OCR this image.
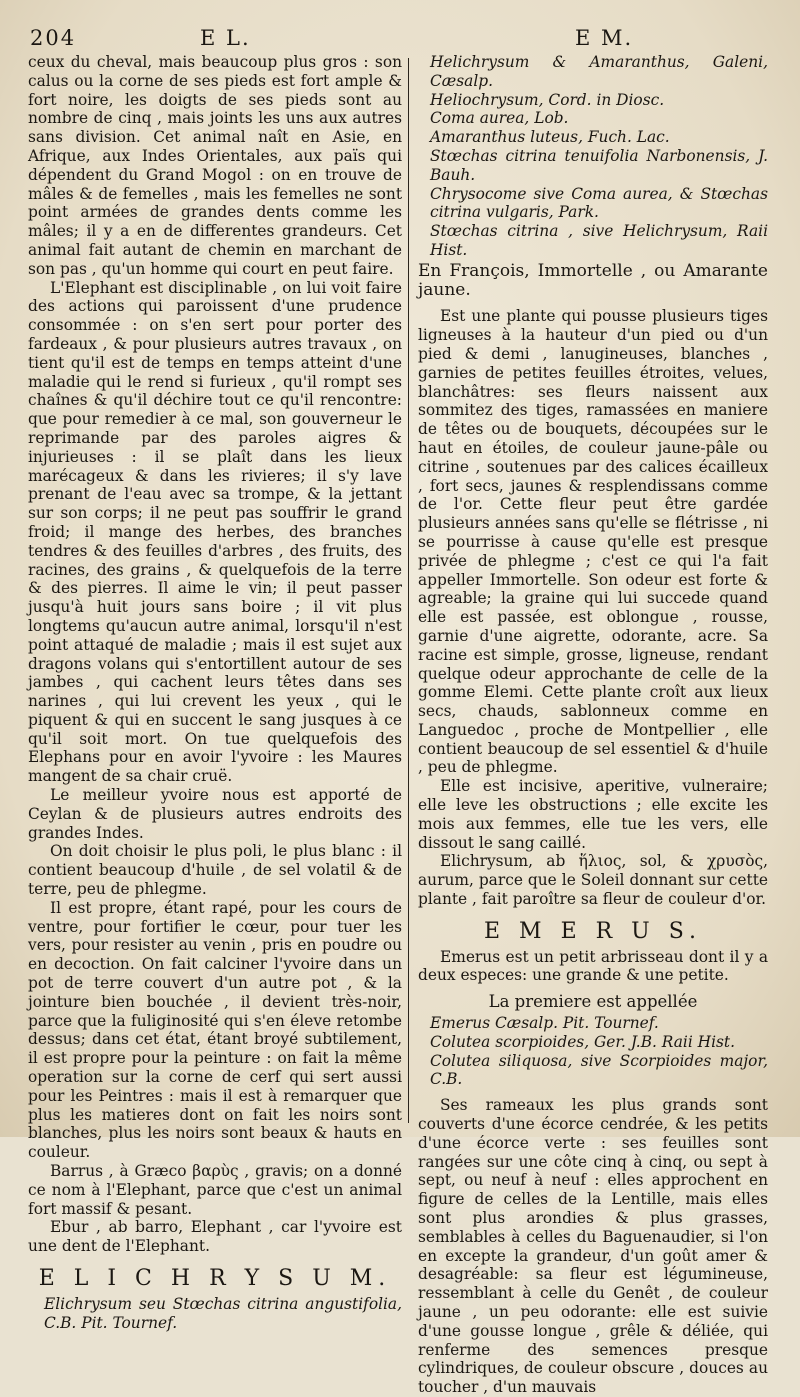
204	E L.	E M.

ceux du cheval, mais beaucoup plus gros : son calus ou la corne de ses pieds est fort ample & fort noire, les doigts de ses pieds sont au nombre de cinq , mais joints les uns aux autres sans division. Cet animal naît en Asie, en Afrique, aux Indes Orientales, aux païs qui dépendent du Grand Mogol : on en trouve de mâles & de femelles , mais les femelles ne sont point armées de grandes dents comme les mâles; il y a en de differentes grandeurs. Cet animal fait autant de chemin en marchant de son pas , qu'un homme qui court en peut faire.

L'Elephant est disciplinable , on lui voit faire des actions qui paroissent d'une prudence consommée : on s'en sert pour porter des fardeaux , & pour plusieurs autres travaux , on tient qu'il est de temps en temps atteint d'une maladie qui le rend si furieux , qu'il rompt ses chaînes & qu'il déchire tout ce qu'il rencontre: que pour remedier à ce mal, son gouverneur le reprimande par des paroles aigres & injurieuses : il se plaît dans les lieux marécageux & dans les rivieres; il s'y lave prenant de l'eau avec sa trompe, & la jettant sur son corps; il ne peut pas souffrir le grand froid; il mange des herbes, des branches tendres & des feuilles d'arbres , des fruits, des racines, des grains , & quelquefois de la terre & des pierres. Il aime le vin; il peut passer jusqu'à huit jours sans boire ; il vit plus longtems qu'aucun autre animal, lorsqu'il n'est point attaqué de maladie ; mais il est sujet aux dragons volans qui s'entortillent autour de ses jambes , qui cachent leurs têtes dans ses narines , qui lui crevent les yeux , qui le piquent & qui en succent le sang jusques à ce qu'il soit mort. On tue quelquefois des Elephans pour en avoir l'yvoire : les Maures mangent de sa chair cruë.

Le meilleur yvoire nous est apporté de Ceylan & de plusieurs autres endroits des grandes Indes.

On doit choisir le plus poli, le plus blanc : il contient beaucoup d'huile , de sel volatil & de terre, peu de phlegme.

Il est propre, étant rapé, pour les cours de ventre, pour fortifier le cœur, pour tuer les vers, pour resister au venin , pris en poudre ou en decoction. On fait calciner l'yvoire dans un pot de terre couvert d'un autre pot , & la jointure bien bouchée , il devient très-noir, parce que la fuliginosité qui s'en éleve retombe dessus; dans cet état, étant broyé subtilement, il est propre pour la peinture : on fait la même operation sur la corne de cerf qui sert aussi pour les Peintres : mais il est à remarquer que plus les matieres dont on fait les noirs sont blanches, plus les noirs sont beaux & hauts en couleur.

Barrus , à Græco βαρὺς , gravis; on a donné ce nom à l'Elephant, parce que c'est un animal fort massif & pesant.

Ebur , ab barro, Elephant , car l'yvoire est une dent de l'Elephant.

E L I C H R Y S U M.

Elichrysum seu Stœchas citrina angustifolia, C.B. Pit. Tournef.

Helichrysum & Amaranthus, Galeni, Cæsalp.

Heliochrysum, Cord. in Diosc.

Coma aurea, Lob.

Amaranthus luteus, Fuch. Lac.

Stœchas citrina tenuifolia Narbonensis, J. Bauh.

Chrysocome sive Coma aurea, & Stœchas citrina vulgaris, Park.

Stœchas citrina , sive Helichrysum, Raii Hist.

En François, Immortelle , ou Amarante jaune.

Est une plante qui pousse plusieurs tiges ligneuses à la hauteur d'un pied ou d'un pied & demi , lanugineuses, blanches , garnies de petites feuilles étroites, velues, blanchâtres: ses fleurs naissent aux sommitez des tiges, ramassées en maniere de têtes ou de bouquets, découpées sur le haut en étoiles, de couleur jaune-pâle ou citrine , soutenues par des calices écailleux , fort secs, jaunes & resplendissans comme de l'or. Cette fleur peut être gardée plusieurs années sans qu'elle se flétrisse , ni se pourrisse à cause qu'elle est presque privée de phlegme ; c'est ce qui l'a fait appeller Immortelle. Son odeur est forte & agreable; la graine qui lui succede quand elle est passée, est oblongue , rousse, garnie d'une aigrette, odorante, acre. Sa racine est simple, grosse, ligneuse, rendant quelque odeur approchante de celle de la gomme Elemi. Cette plante croît aux lieux secs, chauds, sablonneux comme en Languedoc , proche de Montpellier , elle contient beaucoup de sel essentiel & d'huile , peu de phlegme.

Elle est incisive, aperitive, vulneraire; elle leve les obstructions ; elle excite les mois aux femmes, elle tue les vers, elle dissout le sang caillé.

Elichrysum, ab ἥλιος, sol, & χρυσὸς, aurum, parce que le Soleil donnant sur cette plante , fait paroître sa fleur de couleur d'or.

E M E R U S.

Emerus est un petit arbrisseau dont il y a deux especes: une grande & une petite.

La premiere est appellée

Emerus Cæsalp. Pit. Tournef.

Colutea scorpioides, Ger. J.B. Raii Hist.

Colutea siliquosa, sive Scorpioides major, C.B.

Ses rameaux les plus grands sont couverts d'une écorce cendrée, & les petits d'une écorce verte : ses feuilles sont rangées sur une côte cinq à cinq, ou sept à sept, ou neuf à neuf : elles approchent en figure de celles de la Lentille, mais elles sont plus arondies & plus grasses, semblables à celles du Baguenaudier, si l'on en excepte la grandeur, d'un goût amer & desagréable: sa fleur est légumineuse, ressemblant à celle du Genêt , de couleur jaune , un peu odorante: elle est suivie d'une gousse longue , grêle & déliée, qui renferme des semences presque cylindriques, de couleur obscure , douces au toucher , d'un mauvais
